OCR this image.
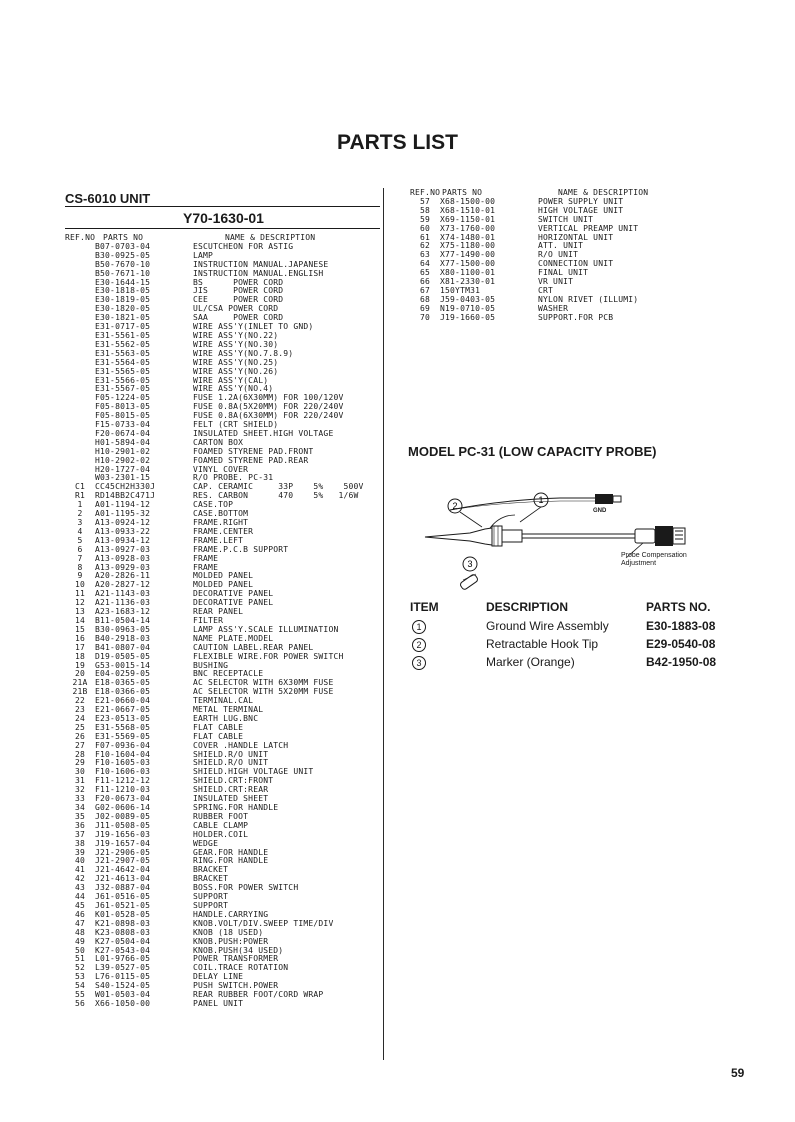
PARTS LIST
CS-6010 UNIT
Y70-1630-01
REF.NO PARTS NO	NAME & DESCRIPTION
B07-0703-04	ESCUTCHEON FOR ASTIG
B30-0925-05	LAMP
B50-7670-10	INSTRUCTION MANUAL.JAPANESE
B50-7671-10	INSTRUCTION MANUAL.ENGLISH
E30-1644-15	BS      POWER CORD
E30-1818-05	JIS     POWER CORD
E30-1819-05	CEE     POWER CORD
E30-1820-05	UL/CSA POWER CORD
E30-1821-05	SAA     POWER CORD
E31-0717-05	WIRE ASS'Y(INLET TO GND)
E31-5561-05	WIRE ASS'Y(NO.22)
E31-5562-05	WIRE ASS'Y(NO.30)
E31-5563-05	WIRE ASS'Y(NO.7.8.9)
E31-5564-05	WIRE ASS'Y(NO.25)
E31-5565-05	WIRE ASS'Y(NO.26)
E31-5566-05	WIRE ASS'Y(CAL)
E31-5567-05	WIRE ASS'Y(NO.4)
F05-1224-05	FUSE 1.2A(6X30MM) FOR 100/120V
F05-8013-05	FUSE 0.8A(5X20MM) FOR 220/240V
F05-8015-05	FUSE 0.8A(6X30MM) FOR 220/240V
F15-0733-04	FELT (CRT SHIELD)
F20-0674-04	INSULATED SHEET.HIGH VOLTAGE
H01-5894-04	CARTON BOX
H10-2901-02	FOAMED STYRENE PAD.FRONT
H10-2902-02	FOAMED STYRENE PAD.REAR
H20-1727-04	VINYL COVER
W03-2301-15	R/O PROBE. PC-31
C1	CC45CH2H330J	CAP. CERAMIC     33P    5%    500V
R1	RD14BB2C471J	RES. CARBON      470    5%   1/6W
1	A01-1194-12	CASE.TOP
2	A01-1195-32	CASE.BOTTOM
3	A13-0924-12	FRAME.RIGHT
4	A13-0933-22	FRAME.CENTER
5	A13-0934-12	FRAME.LEFT
6	A13-0927-03	FRAME.P.C.B SUPPORT
7	A13-0928-03	FRAME
8	A13-0929-03	FRAME
9	A20-2826-11	MOLDED PANEL
10	A20-2827-12	MOLDED PANEL
11	A21-1143-03	DECORATIVE PANEL
12	A21-1136-03	DECORATIVE PANEL
13	A23-1683-12	REAR PANEL
14	B11-0504-14	FILTER
15	B30-0963-05	LAMP ASS'Y.SCALE ILLUMINATION
16	B40-2918-03	NAME PLATE.MODEL
17	B41-0807-04	CAUTION LABEL.REAR PANEL
18	D19-0505-05	FLEXIBLE WIRE.FOR POWER SWITCH
19	G53-0015-14	BUSHING
20	E04-0259-05	BNC RECEPTACLE
21A E18-0365-05	AC SELECTOR WITH 6X30MM FUSE
21B E18-0366-05	AC SELECTOR WITH 5X20MM FUSE
22	E21-0660-04	TERMINAL.CAL
23	E21-0667-05	METAL TERMINAL
24	E23-0513-05	EARTH LUG.BNC
25	E31-5568-05	FLAT CABLE
26	E31-5569-05	FLAT CABLE
27	F07-0936-04	COVER .HANDLE LATCH
28	F10-1604-04	SHIELD.R/O UNIT
29	F10-1605-03	SHIELD.R/O UNIT
30	F10-1606-03	SHIELD.HIGH VOLTAGE UNIT
31	F11-1212-12	SHIELD.CRT:FRONT
32	F11-1210-03	SHIELD.CRT:REAR
33	F20-0673-04	INSULATED SHEET
34	G02-0606-14	SPRING.FOR HANDLE
35	J02-0089-05	RUBBER FOOT
36	J11-0508-05	CABLE CLAMP
37	J19-1656-03	HOLDER.COIL
38	J19-1657-04	WEDGE
39	J21-2906-05	GEAR.FOR HANDLE
40	J21-2907-05	RING.FOR HANDLE
41	J21-4642-04	BRACKET
42	J21-4613-04	BRACKET
43	J32-0887-04	BOSS.FOR POWER SWITCH
44	J61-0516-05	SUPPORT
45	J61-0521-05	SUPPORT
46	K01-0528-05	HANDLE.CARRYING
47	K21-0898-03	KNOB.VOLT/DIV.SWEEP TIME/DIV
48	K23-0808-03	KNOB (18 USED)
49	K27-0504-04	KNOB.PUSH:POWER
50	K27-0543-04	KNOB.PUSH(34 USED)
51	L01-9766-05	POWER TRANSFORMER
52	L39-0527-05	COIL.TRACE ROTATION
53	L76-0115-05	DELAY LINE
54	S40-1524-05	PUSH SWITCH.POWER
55	W01-0503-04	REAR RUBBER FOOT/CORD WRAP
56	X66-1050-00	PANEL UNIT
REF.NO PARTS NO	NAME & DESCRIPTION
57	X68-1500-00	POWER SUPPLY UNIT
58	X68-1510-01	HIGH VOLTAGE UNIT
59	X69-1150-01	SWITCH UNIT
60	X73-1760-00	VERTICAL PREAMP UNIT
61	X74-1480-01	HORIZONTAL UNIT
62	X75-1180-00	ATT. UNIT
63	X77-1490-00	R/O UNIT
64	X77-1500-00	CONNECTION UNIT
65	X80-1100-01	FINAL UNIT
66	X81-2330-01	VR UNIT
67	150YTM31	CRT
68	J59-0403-05	NYLON RIVET (ILLUMI)
69	N19-0710-05	WASHER
70	J19-1660-05	SUPPORT.FOR PCB
MODEL PC-31 (LOW CAPACITY PROBE)
1
2
3
GND
Probe Compensation
Adjustment
ITEM	DESCRIPTION	PARTS NO.
1	Ground Wire Assembly	E30-1883-08
2	Retractable Hook Tip	E29-0540-08
3	Marker (Orange)	B42-1950-08
59
